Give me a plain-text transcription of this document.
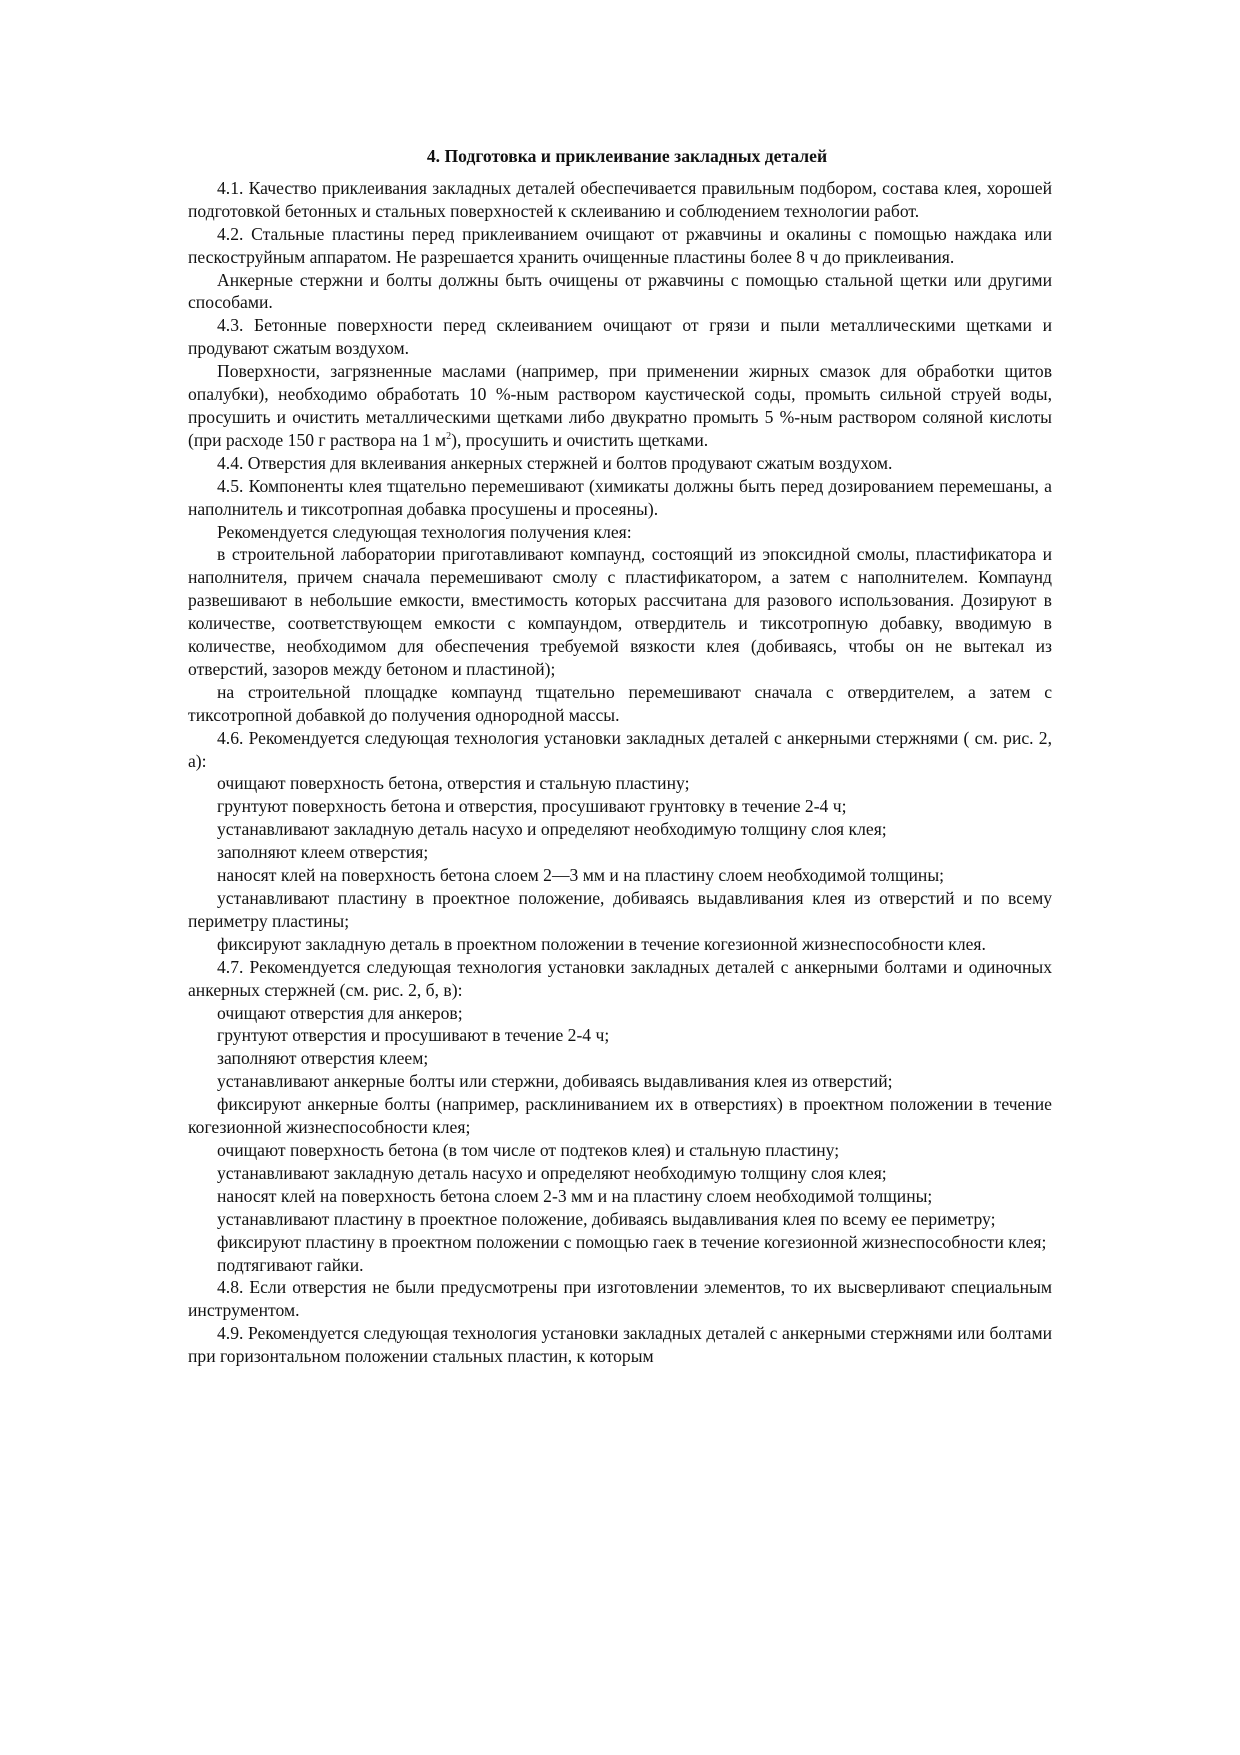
4. Подготовка и приклеивание закладных деталей

4.1. Качество приклеивания закладных деталей обеспечивается правильным подбором, состава клея, хорошей подготовкой бетонных и стальных поверхностей к склеиванию и соблюдением технологии работ.

4.2. Стальные пластины перед приклеиванием очищают от ржавчины и окалины с помощью наждака или пескоструйным аппаратом. Не разрешается хранить очищенные пластины более 8 ч до приклеивания.

Анкерные стержни и болты должны быть очищены от ржавчины с помощью стальной щетки или другими способами.

4.3. Бетонные поверхности перед склеиванием очищают от грязи и пыли металлическими щетками и продувают сжатым воздухом.

Поверхности, загрязненные маслами (например, при применении жирных смазок для обработки щитов опалубки), необходимо обработать 10 %-ным раствором каустической соды, промыть сильной струей воды, просушить и очистить металлическими щетками либо двукратно промыть 5 %-ным раствором соляной кислоты (при расходе 150 г раствора на 1 $м^2$), просушить и очистить щетками.

4.4. Отверстия для вклеивания анкерных стержней и болтов продувают сжатым воздухом.

4.5. Компоненты клея тщательно перемешивают (химикаты должны быть перед дозированием перемешаны, а наполнитель и тиксотропная добавка просушены и просеяны).

Рекомендуется следующая технология получения клея:

в строительной лаборатории приготавливают компаунд, состоящий из эпоксидной смолы, пластификатора и наполнителя, причем сначала перемешивают смолу с пластификатором, а затем с наполнителем. Компаунд развешивают в небольшие емкости, вместимость которых рассчитана для разового использования. Дозируют в количестве, соответствующем емкости с компаундом, отвердитель и тиксотропную добавку, вводимую в количестве, необходимом для обеспечения требуемой вязкости клея (добиваясь, чтобы он не вытекал из отверстий, зазоров между бетоном и пластиной);

на строительной площадке компаунд тщательно перемешивают сначала с отвердителем, а затем с тиксотропной добавкой до получения однородной массы.

4.6. Рекомендуется следующая технология установки закладных деталей с анкерными стержнями ( см. рис. 2, а):

очищают поверхность бетона, отверстия и стальную пластину;

грунтуют поверхность бетона и отверстия, просушивают грунтовку в течение 2-4 ч;

устанавливают закладную деталь насухо и определяют необходимую толщину слоя клея;

заполняют клеем отверстия;

наносят клей на поверхность бетона слоем 2—3 мм и на пластину слоем необходимой толщины;

устанавливают пластину в проектное положение, добиваясь выдавливания клея из отверстий и по всему периметру пластины;

фиксируют закладную деталь в проектном положении в течение когезионной жизнеспособности клея.

4.7. Рекомендуется следующая технология установки закладных деталей с анкерными болтами и одиночных анкерных стержней (см. рис. 2, б, в):

очищают отверстия для анкеров;

грунтуют отверстия и просушивают в течение 2-4 ч;

заполняют отверстия клеем;

устанавливают анкерные болты или стержни, добиваясь выдавливания клея из отверстий;

фиксируют анкерные болты (например, расклиниванием их в отверстиях) в проектном положении в течение когезионной жизнеспособности клея;

очищают поверхность бетона (в том числе от подтеков клея) и стальную пластину;

устанавливают закладную деталь насухо и определяют необходимую толщину слоя клея;

наносят клей на поверхность бетона слоем 2-3 мм и на пластину слоем необходимой толщины;

устанавливают пластину в проектное положение, добиваясь выдавливания клея по всему ее периметру;

фиксируют пластину в проектном положении с помощью гаек в течение когезионной жизнеспособности клея;

подтягивают гайки.

4.8. Если отверстия не были предусмотрены при изготовлении элементов, то их высверливают специальным инструментом.

4.9. Рекомендуется следующая технология установки закладных деталей с анкерными стержнями или болтами при горизонтальном положении стальных пластин, к которым
